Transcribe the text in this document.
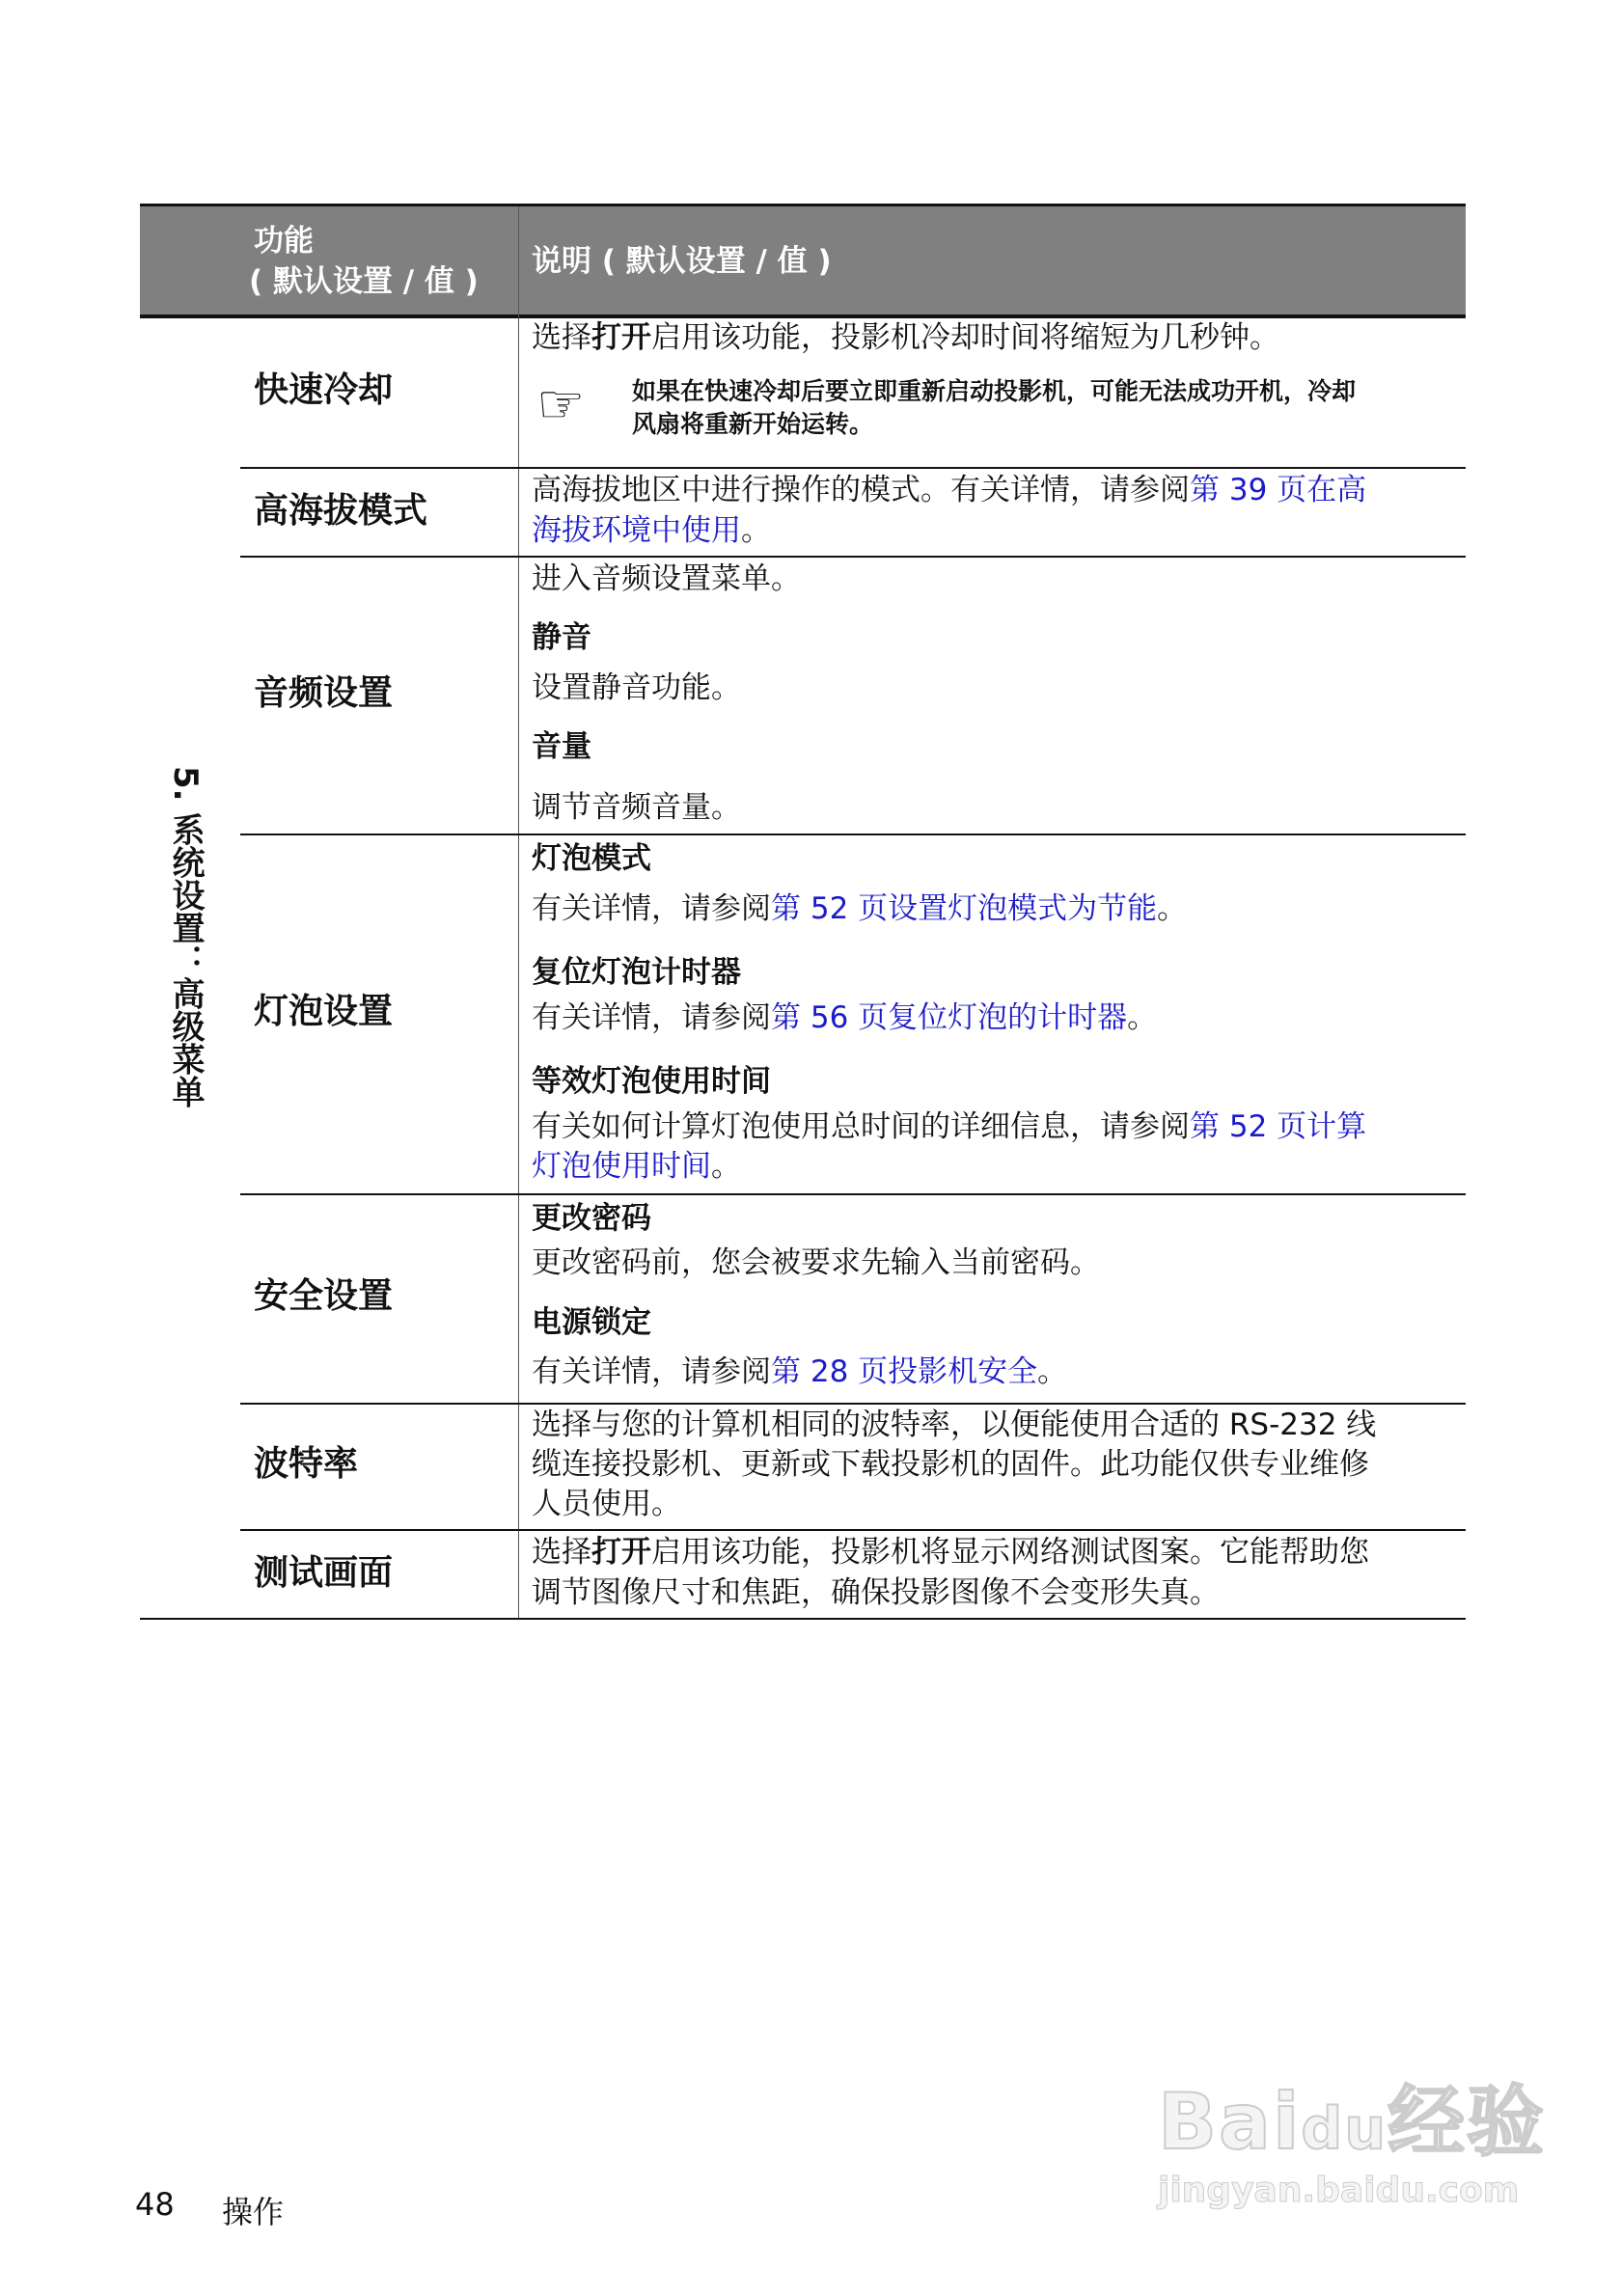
功能
( 默认设置 / 值 )
说明 ( 默认设置 / 值 )
5. 系统设置：高级菜单
48 操作
Baidu经验
jingyan.baidu.com
快速冷却
选择打开启用该功能，投影机冷却时间将缩短为几秒钟。
☞ 如果在快速冷却后要立即重新启动投影机，可能无法成功开机，冷却
风扇将重新开始运转。
高海拔模式
高海拔地区中进行操作的模式。有关详情，请参阅第 39 页在高
海拔环境中使用。
音频设置
进入音频设置菜单。
静音
设置静音功能。
音量
调节音频音量。
灯泡设置
灯泡模式
有关详情，请参阅第 52 页设置灯泡模式为节能。
复位灯泡计时器
有关详情，请参阅第 56 页复位灯泡的计时器。
等效灯泡使用时间
有关如何计算灯泡使用总时间的详细信息，请参阅第 52 页计算
灯泡使用时间。
安全设置
更改密码
更改密码前，您会被要求先输入当前密码。
电源锁定
有关详情，请参阅第 28 页投影机安全。
波特率
选择与您的计算机相同的波特率，以便能使用合适的 RS-232 线
缆连接投影机、更新或下载投影机的固件。此功能仅供专业维修
人员使用。
测试画面
选择打开启用该功能，投影机将显示网络测试图案。它能帮助您
调节图像尺寸和焦距，确保投影图像不会变形失真。
